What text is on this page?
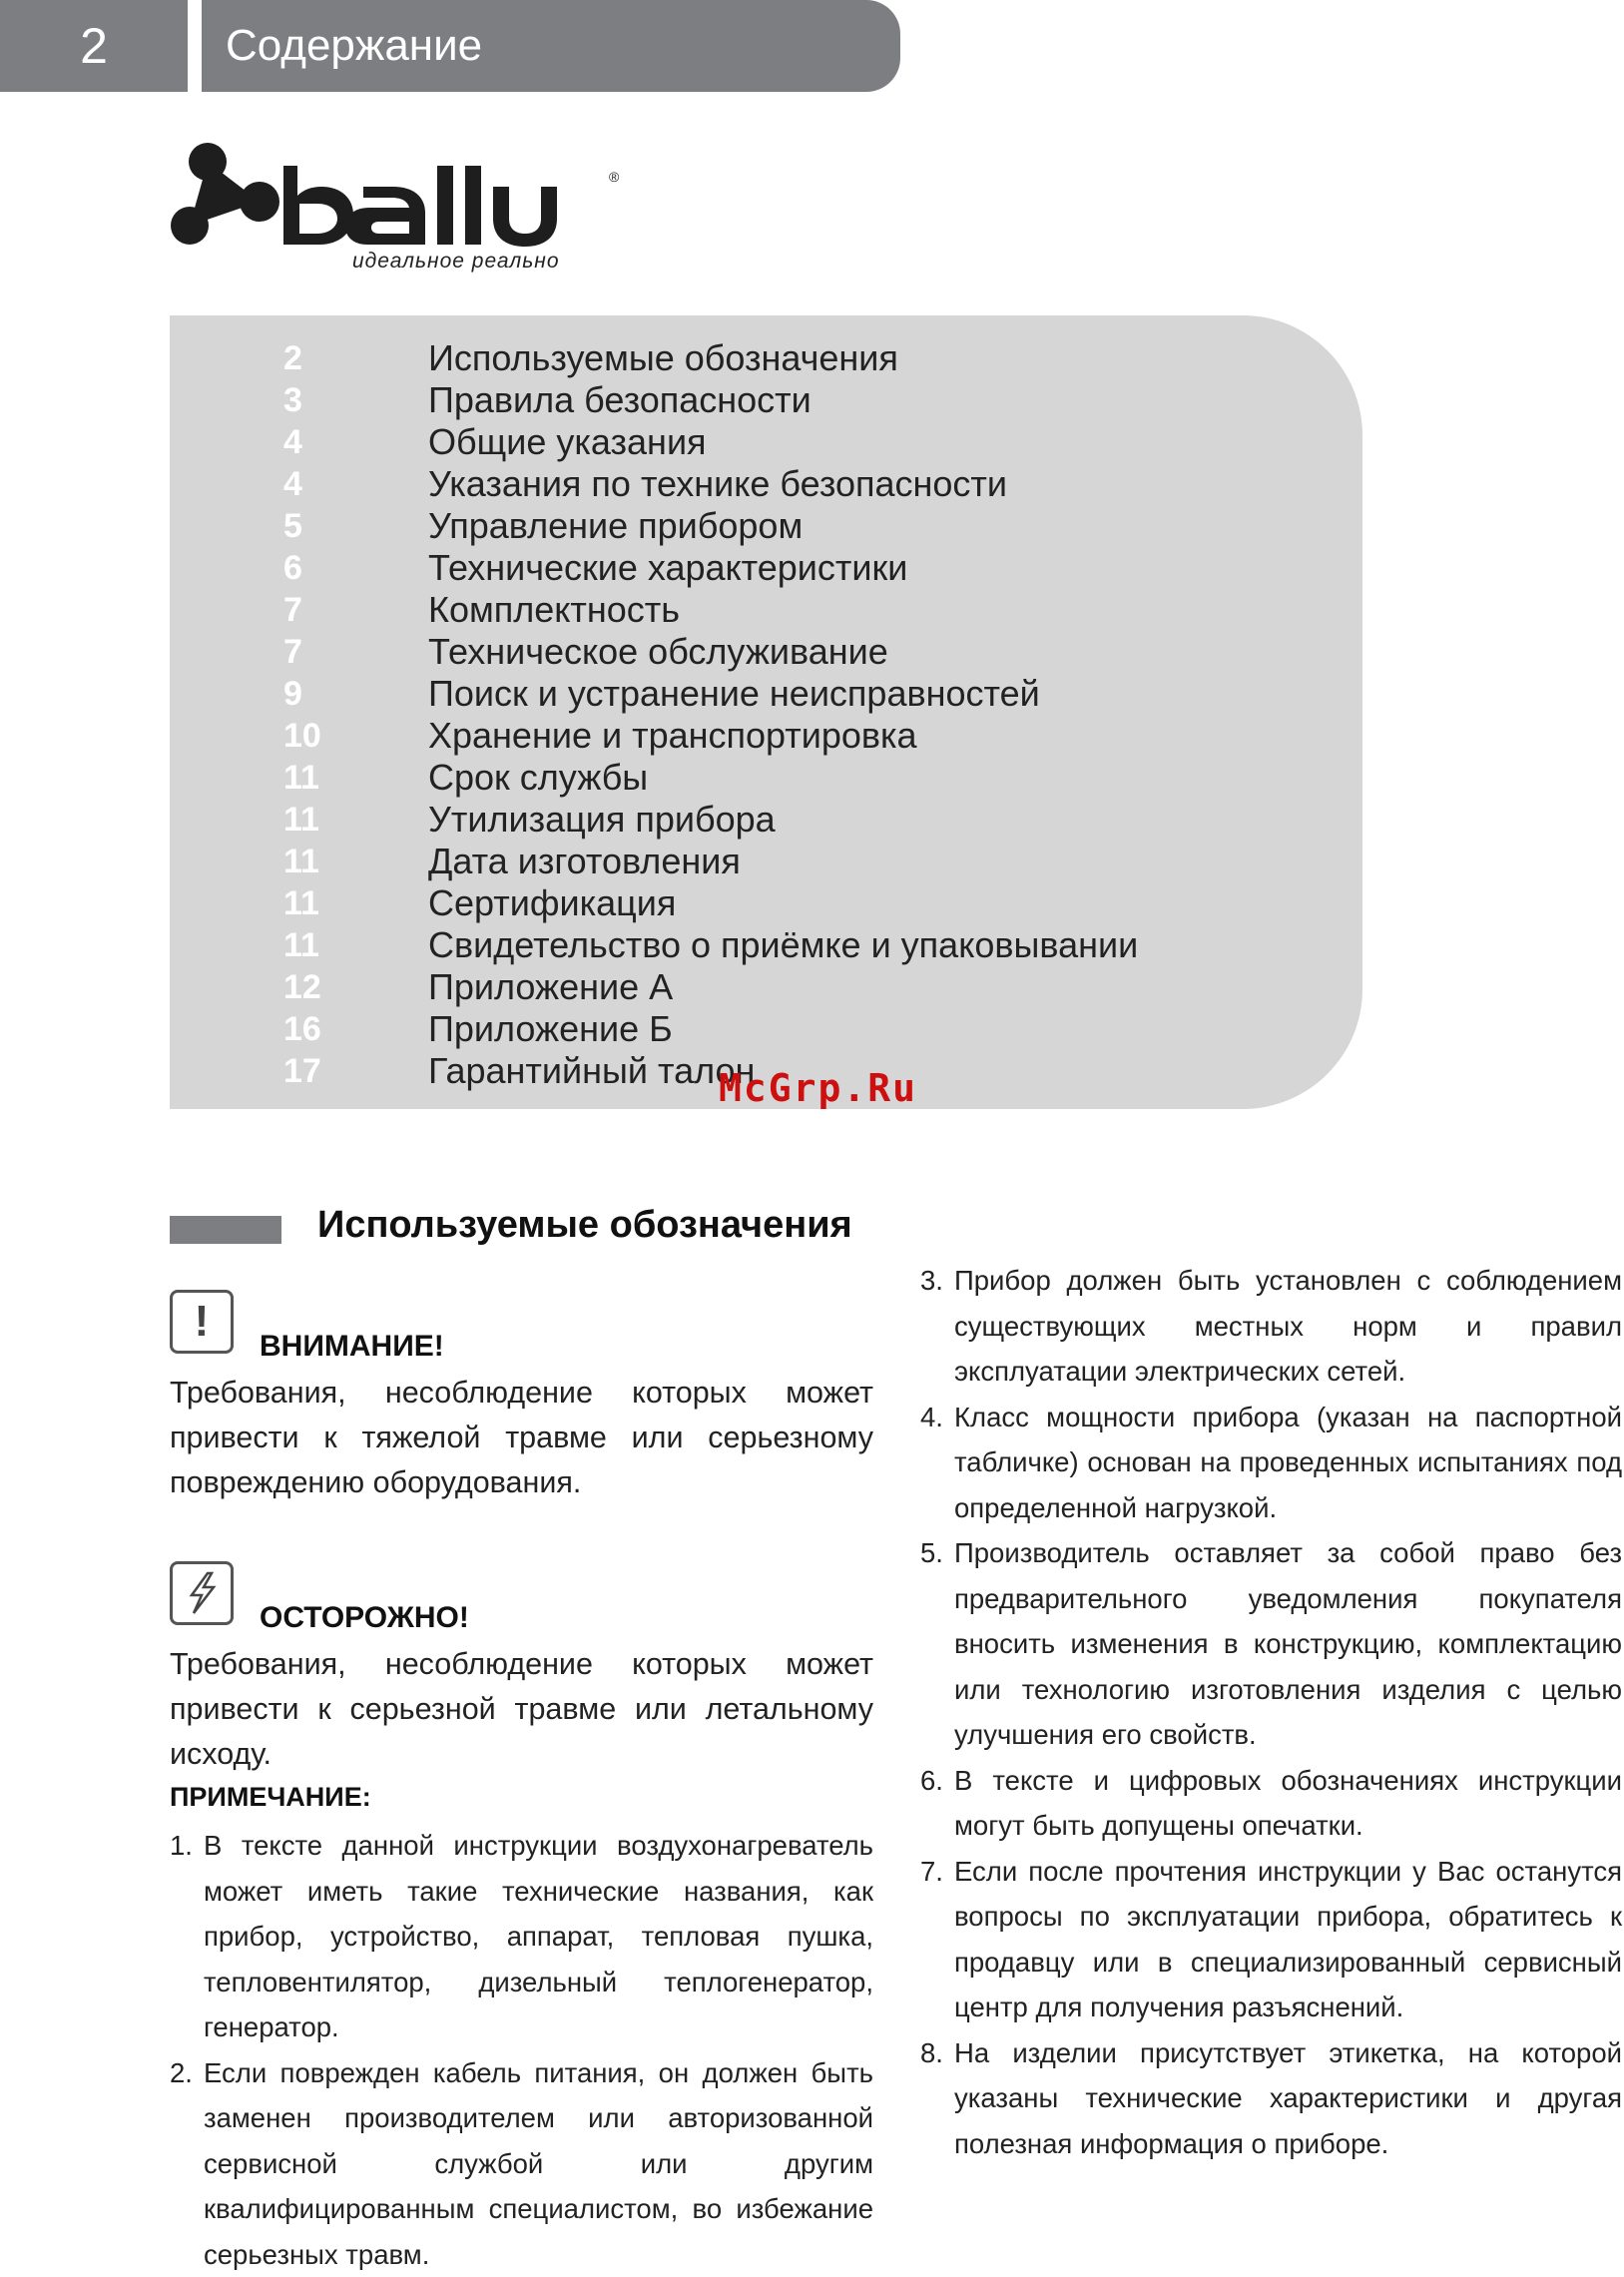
2	Содержание
®
идеальное реально
2	Используемые обозначения
3	Правила безопасности
4	Общие указания
4	Указания по технике безопасности
5	Управление прибором
6	Технические характеристики
7	Комплектность
7	Техническое обслуживание
9	Поиск и устранение неисправностей
10	Хранение и транспортировка
11	Срок службы
11	Утилизация прибора
11	Дата изготовления
11	Сертификация
11	Свидетельство о приёмке и упаковывании
12	Приложение А
16	Приложение Б
17	Гарантийный талон
McGrp.Ru
Используемые обозначения
!
ВНИМАНИЕ!
Требования, несоблюдение которых может привести к тяжелой травме или серьезному повреждению оборудования.
ОСТОРОЖНО!
Требования, несоблюдение которых может привести к серьезной травме или летальному исходу.
ПРИМЕЧАНИЕ:
1. В тексте данной инструкции воздухонагреватель может иметь такие технические названия, как прибор, устройство, аппарат, тепловая пушка, тепловентилятор, дизельный теплогенератор, генератор.
2. Если поврежден кабель питания, он должен быть заменен производителем или авторизованной сервисной службой или другим квалифицированным специалистом, во избежание серьезных травм.
3. Прибор должен быть установлен с соблюдением существующих местных норм и правил эксплуатации электрических сетей.
4. Класс мощности прибора (указан на паспортной табличке) основан на проведенных испытаниях под определенной нагрузкой.
5. Производитель оставляет за собой право без предварительного уведомления покупателя вносить изменения в конструкцию, комплектацию или технологию изготовления изделия с целью улучшения его свойств.
6. В тексте и цифровых обозначениях инструкции могут быть допущены опечатки.
7. Если после прочтения инструкции у Вас останутся вопросы по эксплуатации прибора, обратитесь к продавцу или в специализированный сервисный центр для получения разъяснений.
8. На изделии присутствует этикетка, на которой указаны технические характеристики и другая полезная информация о приборе.
